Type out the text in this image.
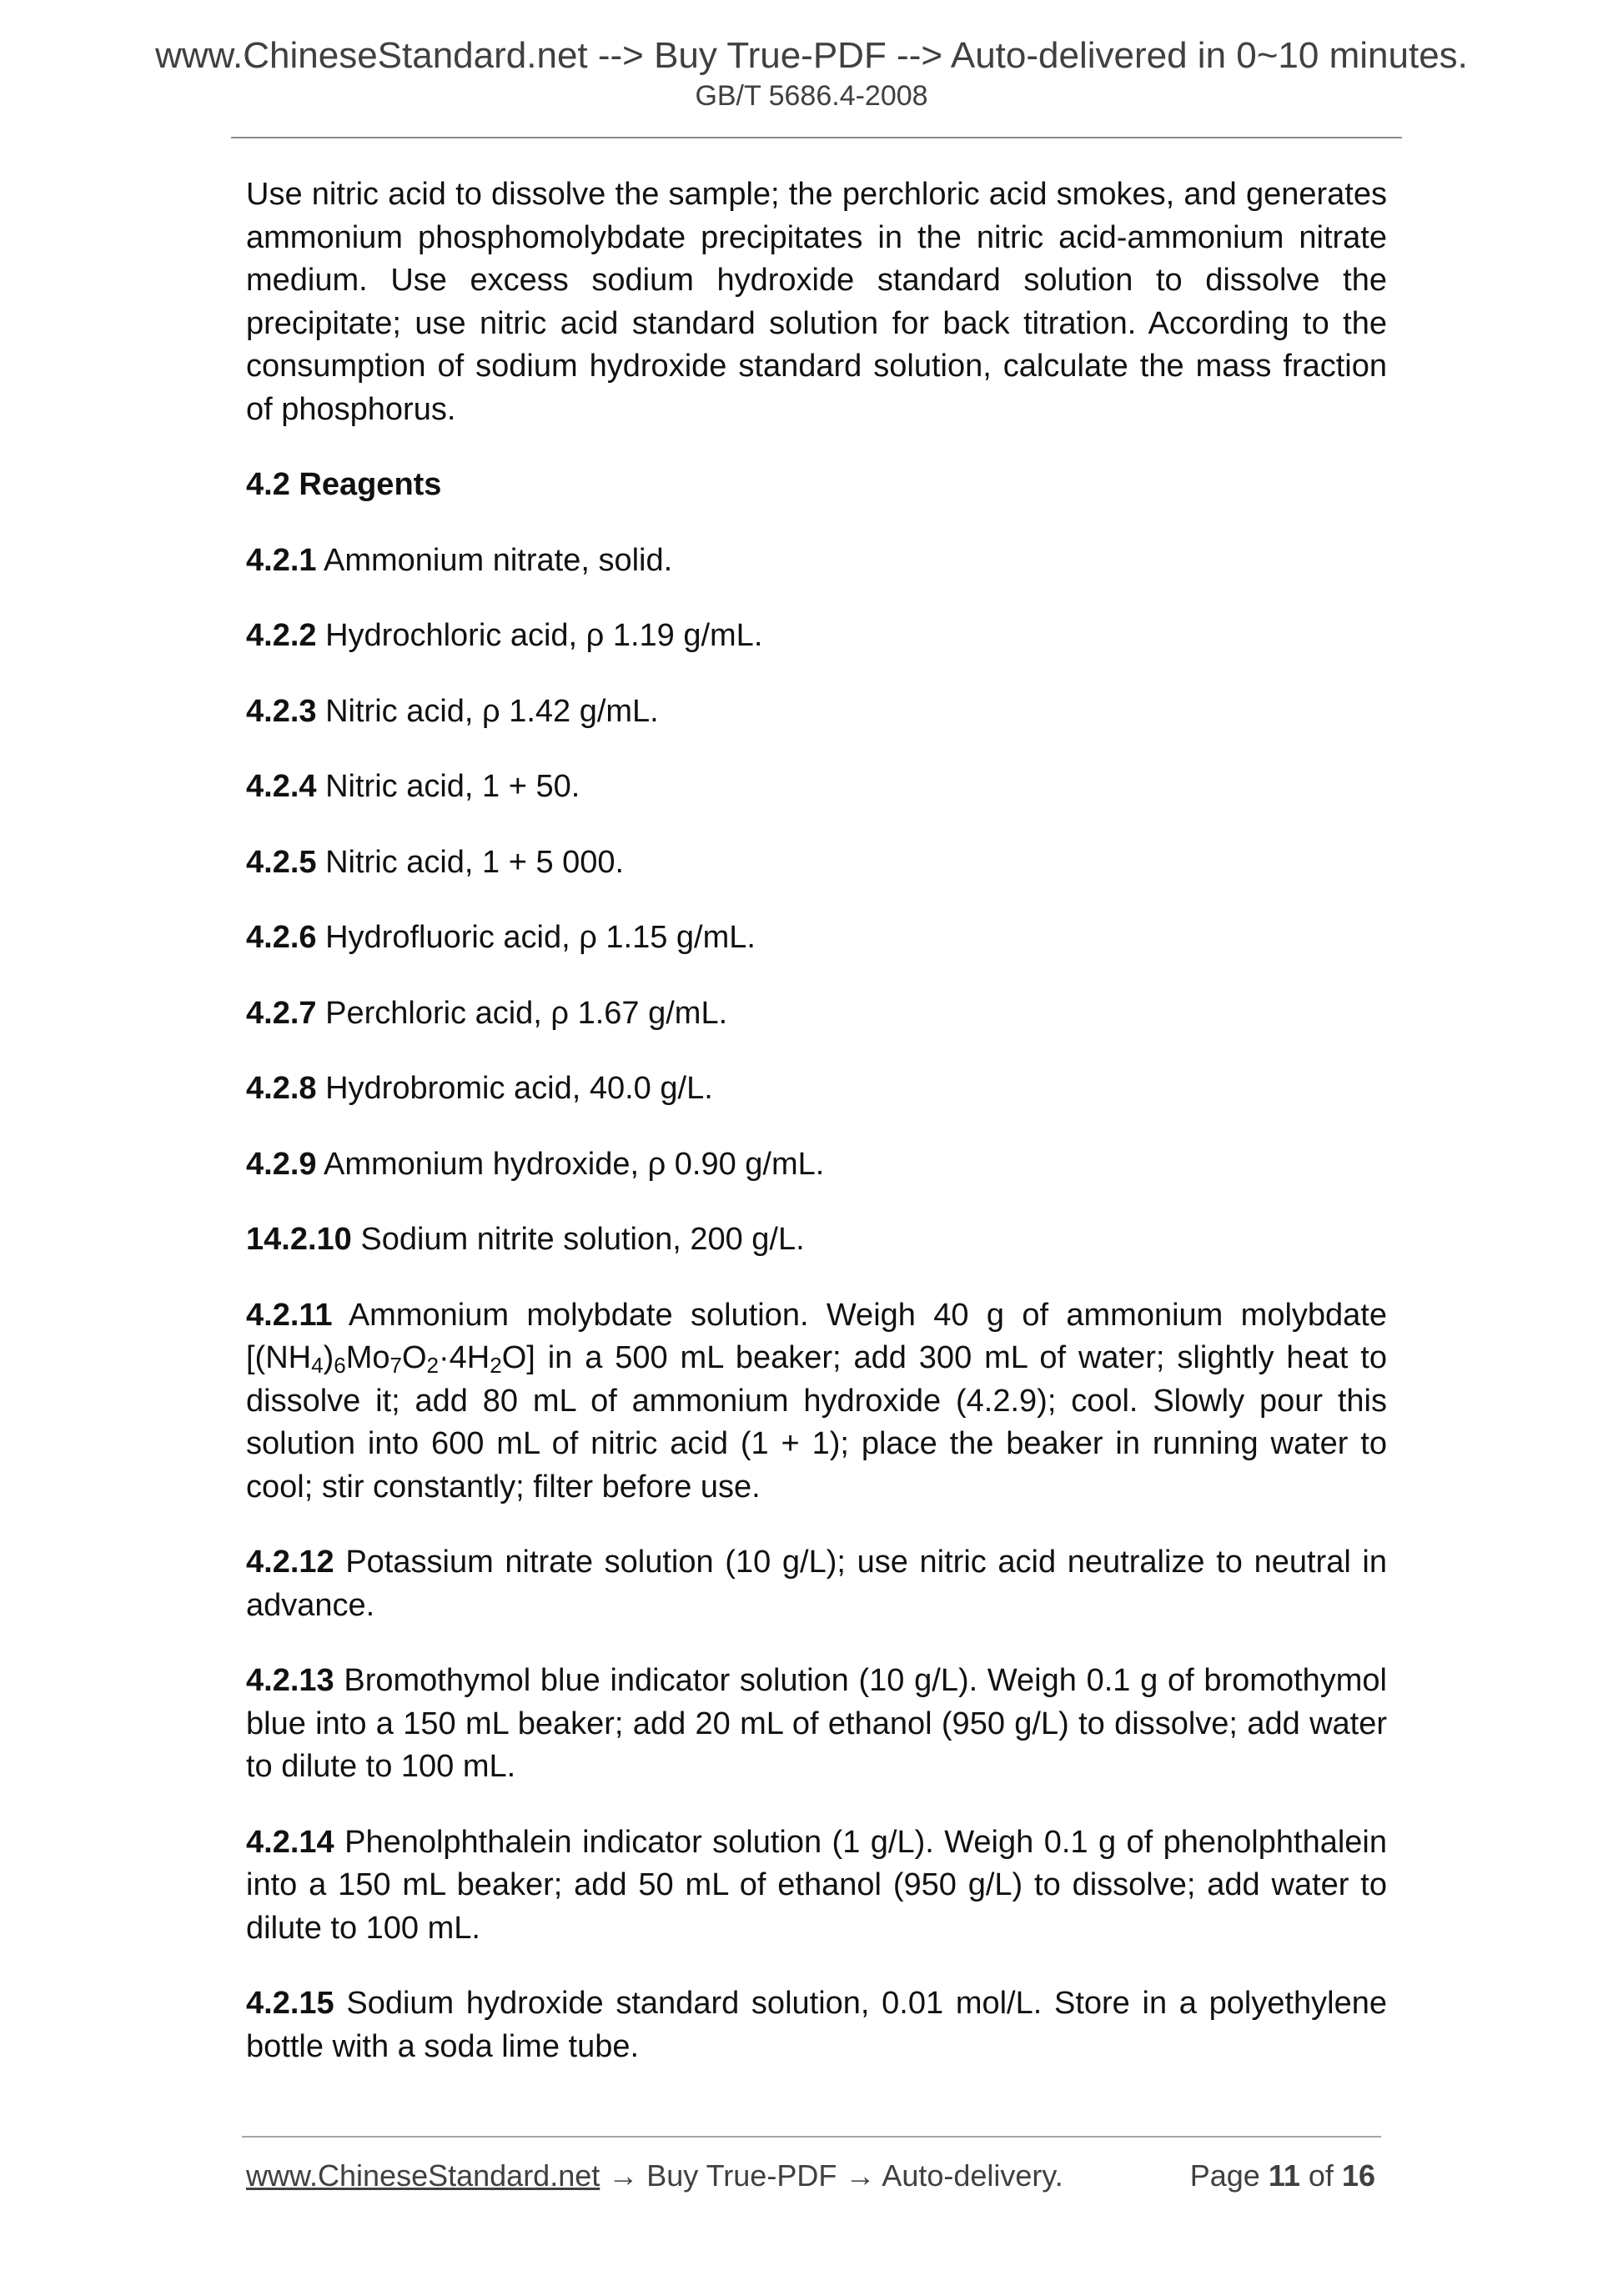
www.ChineseStandard.net --> Buy True-PDF --> Auto-delivered in 0~10 minutes.
GB/T 5686.4-2008

Use nitric acid to dissolve the sample; the perchloric acid smokes, and generates ammonium phosphomolybdate precipitates in the nitric acid-ammonium nitrate medium. Use excess sodium hydroxide standard solution to dissolve the precipitate; use nitric acid standard solution for back titration. According to the consumption of sodium hydroxide standard solution, calculate the mass fraction of phosphorus.

4.2 Reagents

4.2.1 Ammonium nitrate, solid.

4.2.2 Hydrochloric acid, ρ 1.19 g/mL.

4.2.3 Nitric acid, ρ 1.42 g/mL.

4.2.4 Nitric acid, 1 + 50.

4.2.5 Nitric acid, 1 + 5 000.

4.2.6 Hydrofluoric acid, ρ 1.15 g/mL.

4.2.7 Perchloric acid, ρ 1.67 g/mL.

4.2.8 Hydrobromic acid, 40.0 g/L.

4.2.9 Ammonium hydroxide, ρ 0.90 g/mL.

14.2.10 Sodium nitrite solution, 200 g/L.

4.2.11 Ammonium molybdate solution. Weigh 40 g of ammonium molybdate $[(NH_4)_6Mo_7O_2\cdot 4H_2O]$ in a 500 mL beaker; add 300 mL of water; slightly heat to dissolve it; add 80 mL of ammonium hydroxide (4.2.9); cool. Slowly pour this solution into 600 mL of nitric acid (1 + 1); place the beaker in running water to cool; stir constantly; filter before use.

4.2.12 Potassium nitrate solution (10 g/L); use nitric acid neutralize to neutral in advance.

4.2.13 Bromothymol blue indicator solution (10 g/L). Weigh 0.1 g of bromothymol blue into a 150 mL beaker; add 20 mL of ethanol (950 g/L) to dissolve; add water to dilute to 100 mL.

4.2.14 Phenolphthalein indicator solution (1 g/L). Weigh 0.1 g of phenolphthalein into a 150 mL beaker; add 50 mL of ethanol (950 g/L) to dissolve; add water to dilute to 100 mL.

4.2.15 Sodium hydroxide standard solution, 0.01 mol/L. Store in a polyethylene bottle with a soda lime tube.

www.ChineseStandard.net → Buy True-PDF → Auto-delivery.	Page 11 of 16
